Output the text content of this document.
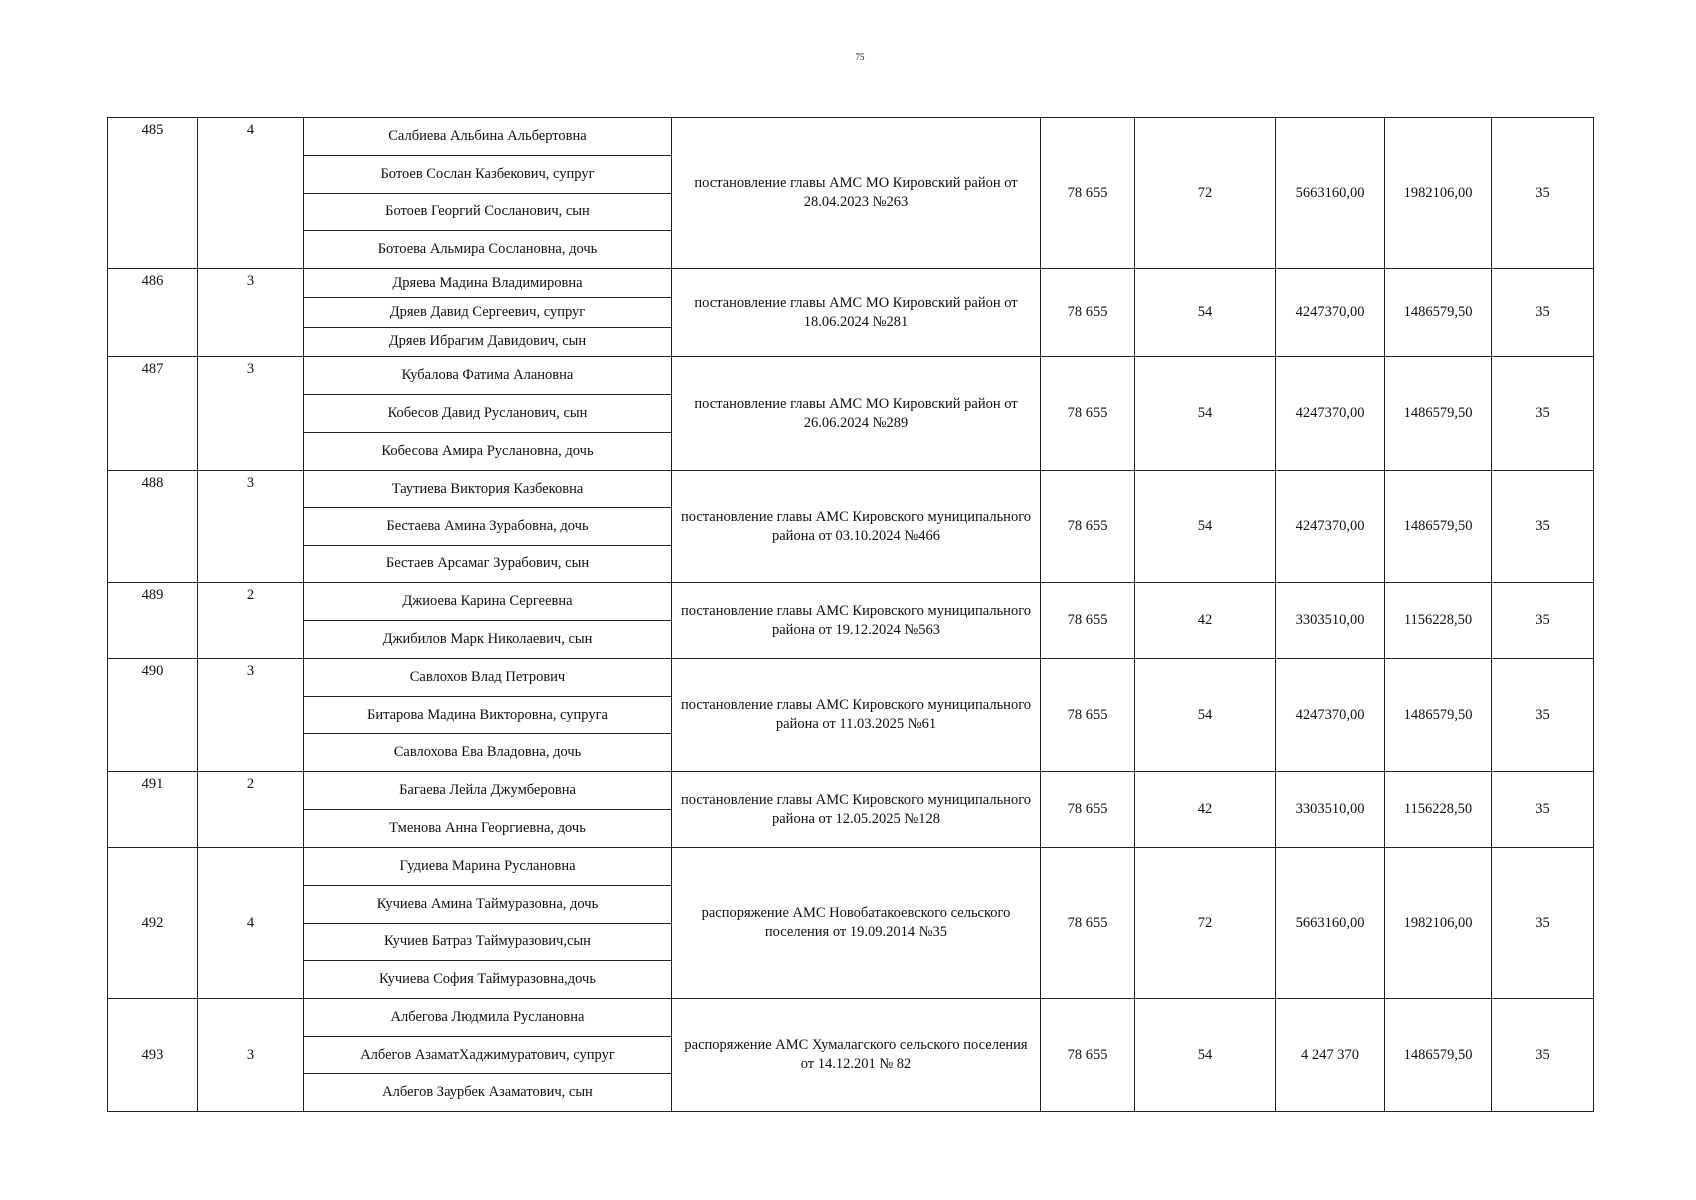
75
485	4	Салбиева Альбина Альбертовна
Ботоев Сослан Казбекович, супруг
Ботоев Георгий Сосланович, сын
Ботоева Альмира Сослановна, дочь	постановление главы АМС МО Кировский район от 28.04.2023 №263	78 655	72	5663160,00	1982106,00	35
486	3	Дряева Мадина Владимировна
Дряев Давид Сергеевич, супруг
Дряев Ибрагим Давидович, сын	постановление главы АМС МО Кировский район от 18.06.2024 №281	78 655	54	4247370,00	1486579,50	35
487	3	Кубалова Фатима Алановна
Кобесов Давид Русланович, сын
Кобесова Амира Руслановна, дочь	постановление главы АМС МО Кировский район от 26.06.2024 №289	78 655	54	4247370,00	1486579,50	35
488	3	Таутиева Виктория Казбековна
Бестаева Амина Зурабовна, дочь
Бестаев Арсамаг Зурабович, сын	постановление главы АМС Кировского муниципального района от 03.10.2024 №466	78 655	54	4247370,00	1486579,50	35
489	2	Джиоева Карина Сергеевна
Джибилов Марк Николаевич, сын	постановление главы АМС Кировского муниципального района от 19.12.2024 №563	78 655	42	3303510,00	1156228,50	35
490	3	Савлохов Влад Петрович
Битарова Мадина Викторовна, супруга
Савлохова Ева Владовна, дочь	постановление главы АМС Кировского муниципального района от 11.03.2025 №61	78 655	54	4247370,00	1486579,50	35
491	2	Багаева Лейла Джумберовна
Тменова Анна Георгиевна, дочь	постановление главы АМС Кировского муниципального района от 12.05.2025 №128	78 655	42	3303510,00	1156228,50	35
492	4	Гудиева Марина Руслановна
Кучиева Амина Таймуразовна, дочь
Кучиев Батраз Таймуразович,сын
Кучиева София Таймуразовна,дочь	распоряжение АМС Новобатакоевского сельского поселения от 19.09.2014 №35	78 655	72	5663160,00	1982106,00	35
493	3	Албегова Людмила Руслановна
Албегов АзаматХаджимуратович, супруг
Албегов Заурбек Азаматович, сын	распоряжение АМС Хумалагского сельского поселения от 14.12.201 № 82	78 655	54	4 247 370	1486579,50	35
